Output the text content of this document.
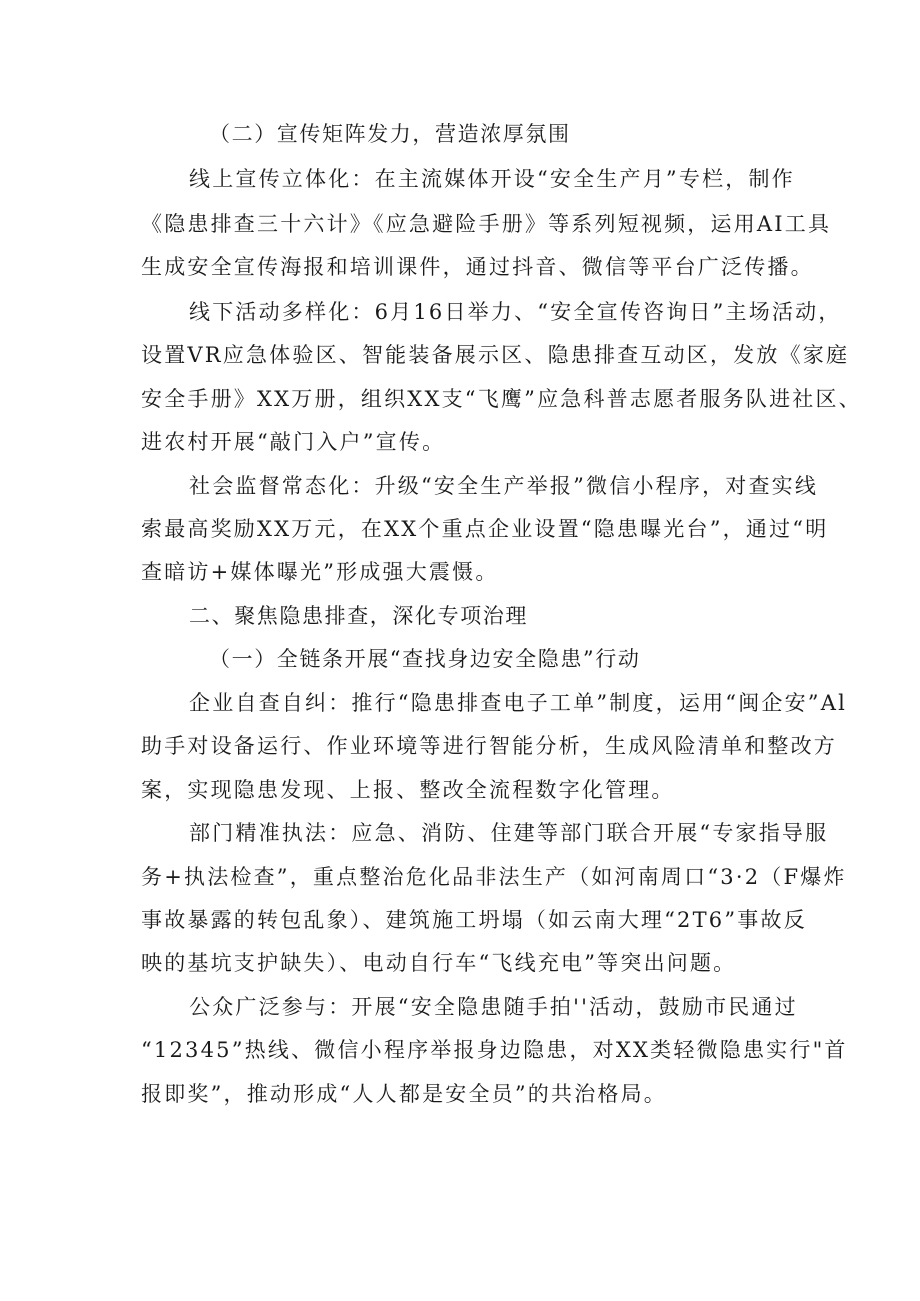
（二）宣传矩阵发力，营造浓厚氛围
线上宣传立体化：在主流媒体开设“安全生产月”专栏，制作
《隐患排查三十六计》《应急避险手册》等系列短视频，运用AI工具
生成安全宣传海报和培训课件，通过抖音、微信等平台广泛传播。
线下活动多样化：6月16日举力、“安全宣传咨询日”主场活动，
设置VR应急体验区、智能装备展示区、隐患排查互动区，发放《家庭
安全手册》XX万册，组织XX支“飞鹰”应急科普志愿者服务队进社区、
进农村开展“敲门入户”宣传。
社会监督常态化：升级“安全生产举报”微信小程序，对查实线
索最高奖励XX万元，在XX个重点企业设置“隐患曝光台”，通过“明
查暗访+媒体曝光”形成强大震慑。
二、聚焦隐患排查，深化专项治理
（一）全链条开展“查找身边安全隐患”行动
企业自查自纠：推行“隐患排查电子工单”制度，运用“闽企安”Al
助手对设备运行、作业环境等进行智能分析，生成风险清单和整改方
案，实现隐患发现、上报、整改全流程数字化管理。
部门精准执法：应急、消防、住建等部门联合开展“专家指导服
务+执法检查”，重点整治危化品非法生产（如河南周口“3·2（F爆炸
事故暴露的转包乱象）、建筑施工坍塌（如云南大理“2T6”事故反
映的基坑支护缺失）、电动自行车“飞线充电”等突出问题。
公众广泛参与：开展“安全隐患随手拍''活动，鼓励市民通过
“12345”热线、微信小程序举报身边隐患，对XX类轻微隐患实行"首
报即奖”，推动形成“人人都是安全员”的共治格局。
